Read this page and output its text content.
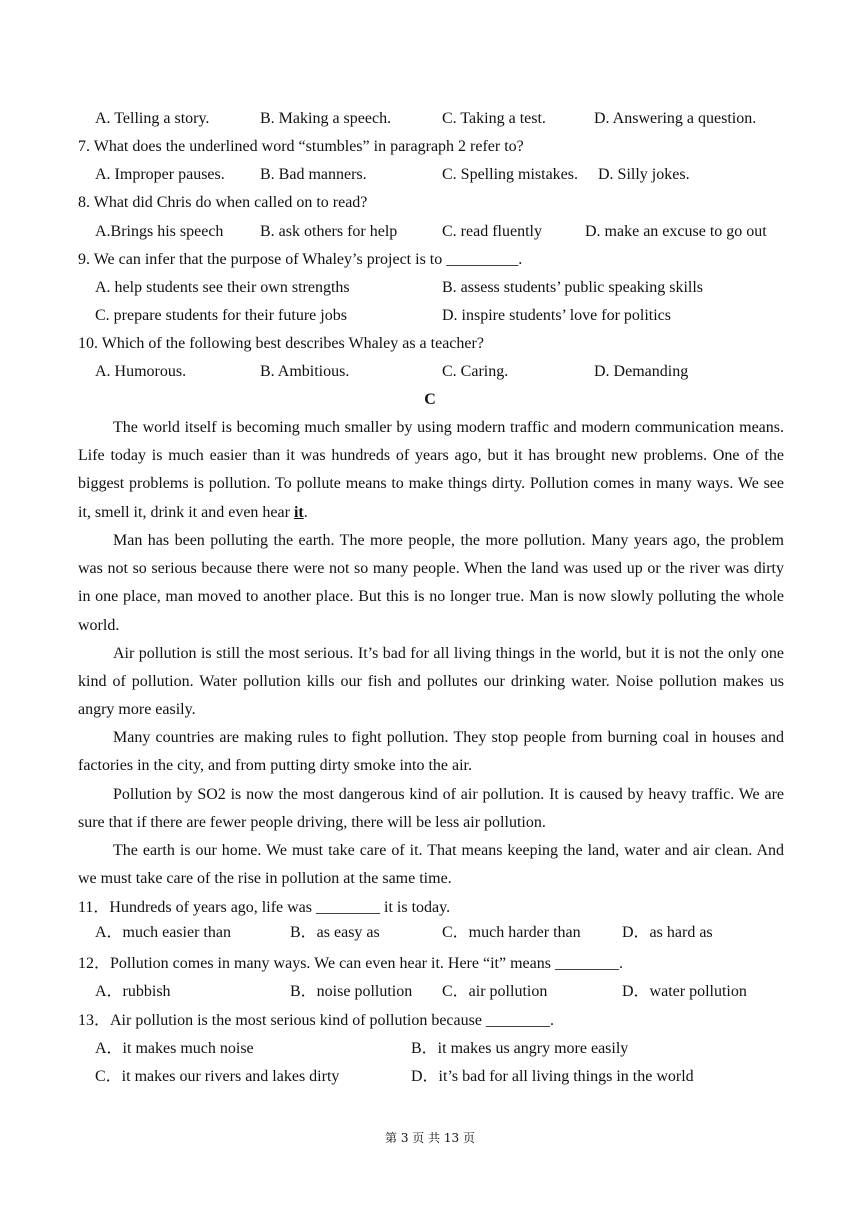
A. Telling a story.	B. Making a speech.	C. Taking a test.	D. Answering a question.
7. What does the underlined word “stumbles” in paragraph 2 refer to?
A. Improper pauses. B. Bad manners.	C. Spelling mistakes. D. Silly jokes.
8. What did Chris do when called on to read?
A.Brings his speech B. ask others for help	C. read fluently	D. make an excuse to go out
9. We can infer that the purpose of Whaley’s project is to _________.
A. help students see their own strengths	B. assess students’ public speaking skills
C. prepare students for their future jobs	D. inspire students’ love for politics
10. Which of the following best describes Whaley as a teacher?
A. Humorous.	B. Ambitious.	C. Caring.	D. Demanding
C
The world itself is becoming much smaller by using modern traffic and modern communication means. Life today is much easier than it was hundreds of years ago, but it has brought new problems. One of the biggest problems is pollution. To pollute means to make things dirty. Pollution comes in many ways. We see it, smell it, drink it and even hear it.
Man has been polluting the earth. The more people, the more pollution. Many years ago, the problem was not so serious because there were not so many people. When the land was used up or the river was dirty in one place, man moved to another place. But this is no longer true. Man is now slowly polluting the whole world.
Air pollution is still the most serious. It’s bad for all living things in the world, but it is not the only one kind of pollution. Water pollution kills our fish and pollutes our drinking water. Noise pollution makes us angry more easily.
Many countries are making rules to fight pollution. They stop people from burning coal in houses and factories in the city, and from putting dirty smoke into the air.
Pollution by SO2 is now the most dangerous kind of air pollution. It is caused by heavy traffic. We are sure that if there are fewer people driving, there will be less air pollution.
The earth is our home. We must take care of it. That means keeping the land, water and air clean. And we must take care of the rise in pollution at the same time.
11．Hundreds of years ago, life was ________ it is today.
A．much easier than	B．as easy as	C．much harder than	D．as hard as
12．Pollution comes in many ways. We can even hear it. Here “it” means ________.
A．rubbish	B．noise pollution C．air pollution	D．water pollution
13．Air pollution is the most serious kind of pollution because ________.
A．it makes much noise	B．it makes us angry more easily
C．it makes our rivers and lakes dirty	D．it’s bad for all living things in the world
第 3 页 共 13 页
